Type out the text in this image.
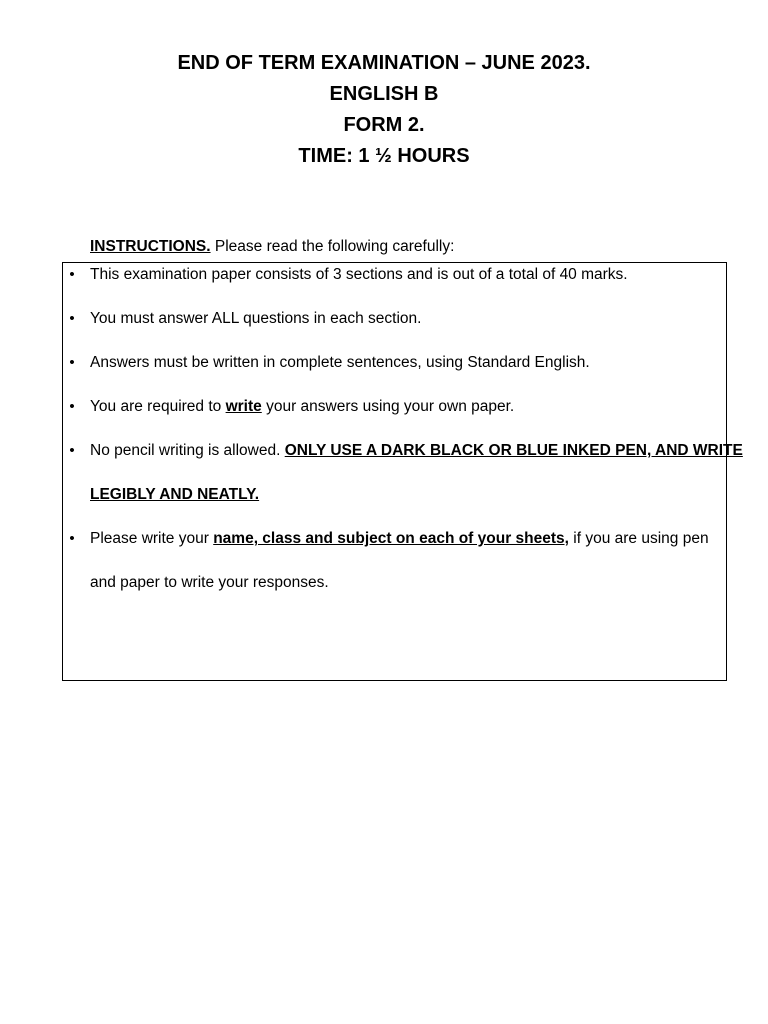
END OF TERM EXAMINATION – JUNE 2023.
ENGLISH B
FORM 2.
TIME: 1 ½ HOURS
INSTRUCTIONS. Please read the following carefully:
• This examination paper consists of 3 sections and is out of a total of 40 marks.
• You must answer ALL questions in each section.
• Answers must be written in complete sentences, using Standard English.
• You are required to write your answers using your own paper.
• No pencil writing is allowed. ONLY USE A DARK BLACK OR BLUE INKED PEN, AND WRITE
LEGIBLY AND NEATLY.
• Please write your name, class and subject on each of your sheets, if you are using pen
and paper to write your responses.
